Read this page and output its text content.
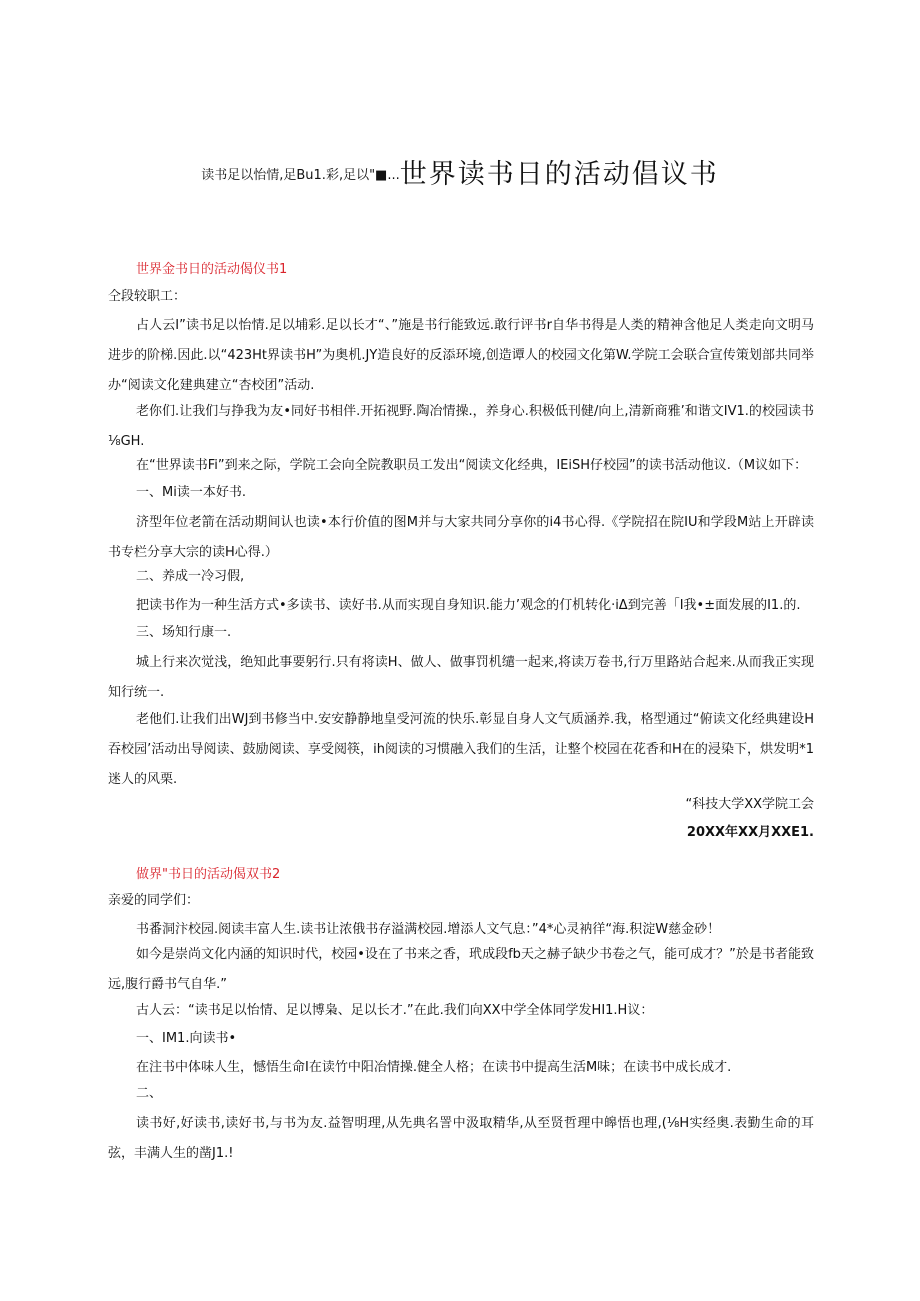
$^{读书足以怡情,足Bu1.彩,足以"■...}$世界读书日的活动倡议书
世界金书日的活动偈仪书1
仝段较职工：
占人云I”读书足以怡情.足以埔彩.足以长才“、”施是书行能致远.敢行评书r自华书得是人类的精神含他足人类走向文明马进步的阶梯.因此.以“423Ht界读书H”为奥机.JY造良好的反添环境,创造谭人的校园文化第W.学院工会联合宣传策划部共同举办“阅读文化建典建立“杏校团”活动.
老你们.让我们与挣我为友•同好书相伴.开拓视野.陶冶情操.，养身心.积极低刊健/向上,清新商雅’和谐文IV1.的校园读书⅛GH.
在“世界读书Fi”到来之际，学院工会向全院教职员工发出“阅读文化经典，IEiSH仔校园”的读书活动他议.（M议如下：
一、Mi读一本好书.
济型年位老箭在活动期间认也读•本行价值的图M并与大家共同分享你的i4书心得.《学院招在院IU和学段M站上开辟读书专栏分享大宗的读H心得.）
二、养成一冷习假,
把读书作为一种生活方式•多读书、读好书.从而实现自身知识.能力’观念的仃机转化·iΔ到完善「I我•±面发展的I1.的.
三、场知行康一.
城上行来次觉浅，绝知此事要躬行.只有将读H、做人、做事罚机缱一起来,将读万卷书,行万里路站合起来.从而我正实现知行统一.
老他们.让我们出WJ到书修当中.安安静静地皇受河流的快乐.彰显自身人文气质涵养.我，格型通过“俯读文化经典建设H吞校园’活动出导阅读、鼓励阅读、享受阅筷，ih阅读的习惯融入我们的生活，让整个校园在花香和H在的浸染下，烘发明*1迷人的风栗.
“科技大学XX学院工会
20XX年XX月XXE1.
做界"书日的活动偈双书2
亲爱的同学们：
书番洞汴校园.阅读丰富人生.读书让浓俄书存溢满校园.增添人文气息：”4*心灵衲徉“海.积淀W慈金砂！
如今是崇尚文化内涵的知识时代，校园•设在了书来之香，玳成段fb天之赫子缺少书卷之气，能可成才？”於是书者能致远,腹行爵书气自华.”
古人云：“读书足以怡情、足以博枭、足以长才.”在此.我们向XX中学全体同学发HI1.H议：
一、IM1.向读书•
在注书中体味人生，憾悟生命I在读竹中阳冶情操.健全人格；在读书中提高生活M味；在读书中成长成才.
二、
读书好,好读书,读好书,与书为友.益智明理,从先典名詈中汲取精华,从至贤哲理中皞悟也理,(⅛H实经奥.表勤生命的耳弦，丰满人生的凿J1.!
